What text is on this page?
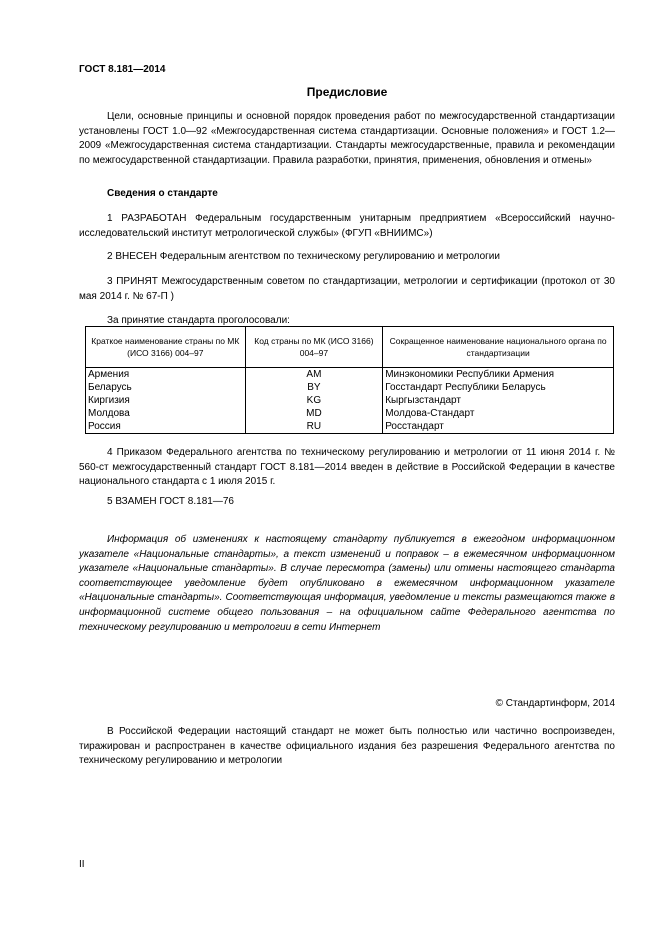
ГОСТ 8.181—2014
Предисловие

Цели, основные принципы и основной порядок проведения работ по межгосударственной стандартизации установлены ГОСТ 1.0—92 «Межгосударственная система стандартизации. Основные положения» и ГОСТ 1.2—2009 «Межгосударственная система стандартизации. Стандарты межгосударственные, правила и рекомендации по межгосударственной стандартизации. Правила разработки, принятия, применения, обновления и отмены»

Сведения о стандарте

1 РАЗРАБОТАН Федеральным государственным унитарным предприятием «Всероссийский научно-исследовательский институт метрологической службы» (ФГУП «ВНИИМС»)

2 ВНЕСЕН Федеральным агентством по техническому регулированию и метрологии

3 ПРИНЯТ Межгосударственным советом по стандартизации, метрологии и сертификации (протокол от 30 мая 2014 г. № 67-П )

За принятие стандарта проголосовали:
Краткое наименование страны по МК (ИСО 3166) 004–97	Код страны по МК (ИСО 3166) 004–97	Сокращенное наименование национального органа по стандартизации
Армения	AM	Минэкономики Республики Армения
Беларусь	BY	Госстандарт Республики Беларусь
Киргизия	KG	Кыргызстандарт
Молдова	MD	Молдова-Стандарт
Россия	RU	Росстандарт

4 Приказом Федерального агентства по техническому регулированию и метрологии от 11 июня 2014 г. № 560-ст межгосударственный стандарт ГОСТ 8.181—2014 введен в действие в Российской Федерации в качестве национального стандарта с 1 июля 2015 г.

5 ВЗАМЕН ГОСТ 8.181—76

Информация об изменениях к настоящему стандарту публикуется в ежегодном информационном указателе «Национальные стандарты», а текст изменений и поправок – в ежемесячном информационном указателе «Национальные стандарты». В случае пересмотра (замены) или отмены настоящего стандарта соответствующее уведомление будет опубликовано в ежемесячном информационном указателе «Национальные стандарты». Соответствующая информация, уведомление и тексты размещаются также в информационной системе общего пользования – на официальном сайте Федерального агентства по техническому регулированию и метрологии в сети Интернет

© Стандартинформ, 2014

В Российской Федерации настоящий стандарт не может быть полностью или частично воспроизведен, тиражирован и распространен в качестве официального издания без разрешения Федерального агентства по техническому регулированию и метрологии

II
